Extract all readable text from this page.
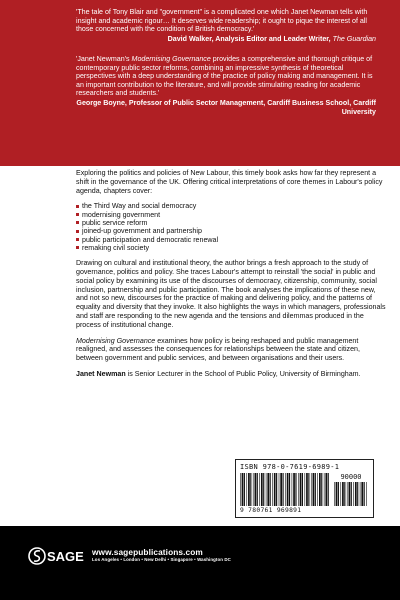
'The tale of Tony Blair and "government" is a complicated one which Janet Newman tells with insight and academic rigour… It deserves wide readership; it ought to pique the interest of all those concerned with the condition of British democracy.'
David Walker, Analysis Editor and Leader Writer, The Guardian

'Janet Newman's Modernising Governance provides a comprehensive and thorough critique of contemporary public sector reforms, combining an impressive synthesis of theoretical perspectives with a deep understanding of the practice of policy making and management. It is an important contribution to the literature, and will provide stimulating reading for academic researchers and students.'
George Boyne, Professor of Public Sector Management, Cardiff Business School, Cardiff University

Exploring the politics and policies of New Labour, this timely book asks how far they represent a shift in the governance of the UK. Offering critical interpretations of core themes in Labour's policy agenda, chapters cover:

the Third Way and social democracy
modernising government
public service reform
joined-up government and partnership
public participation and democratic renewal
remaking civil society

Drawing on cultural and institutional theory, the author brings a fresh approach to the study of governance, politics and policy. She traces Labour's attempt to reinstall 'the social' in public and social policy by examining its use of the discourses of democracy, citizenship, community, social inclusion, partnership and public participation. The book analyses the implications of these new, and not so new, discourses for the practice of making and delivering policy, and the patterns of equality and diversity that they invoke. It also highlights the ways in which managers, professionals and staff are responding to the new agenda and the tensions and dilemmas produced in the process of institutional change.

Modernising Governance examines how policy is being reshaped and public management realigned, and assesses the consequences for relationships between the state and citizen, between government and public services, and between organisations and their users.

Janet Newman is Senior Lecturer in the School of Public Policy, University of Birmingham.

ISBN 978-0-7619-6989-1
90000
9 780761 969891
SAGE www.sagepublications.com
Los Angeles • London • New Delhi • Singapore • Washington DC
